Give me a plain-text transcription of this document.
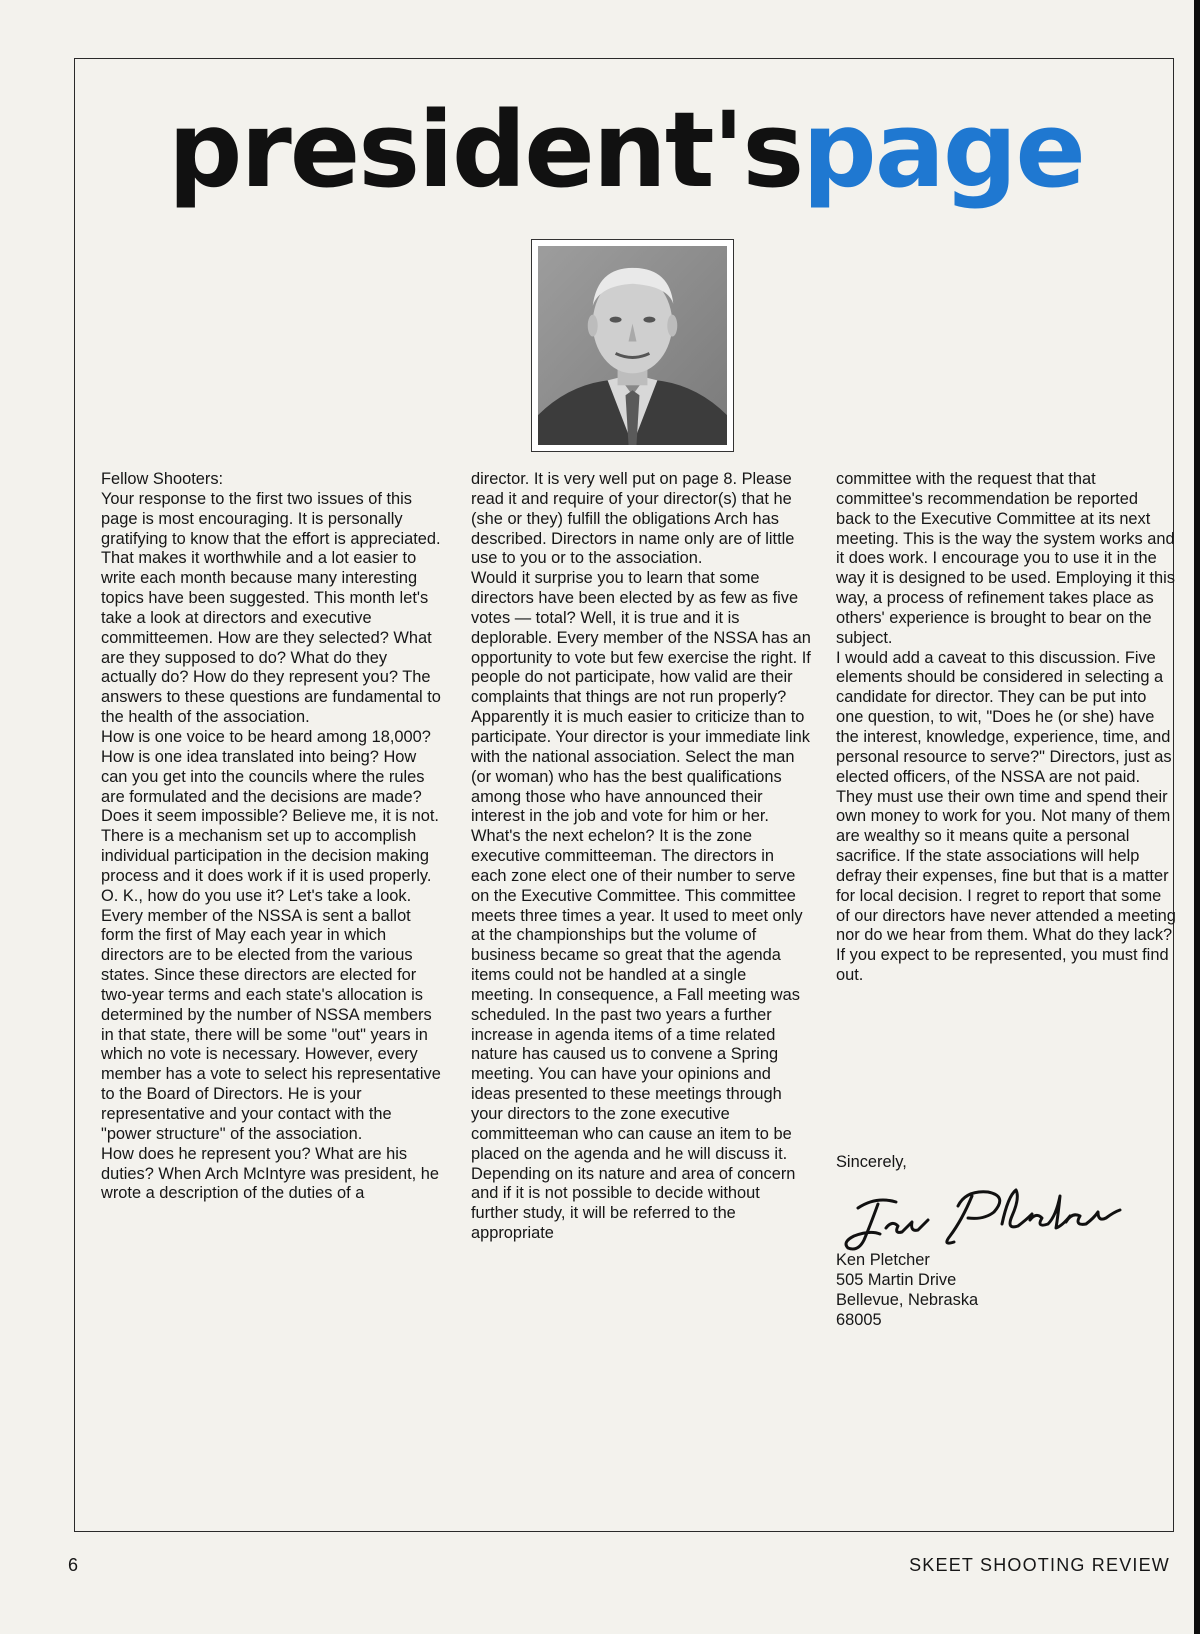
president'spage
Fellow Shooters:
Your response to the first two issues of this page is most encouraging. It is personally gratifying to know that the effort is appreciated. That makes it worthwhile and a lot easier to write each month because many interesting topics have been suggested. This month let's take a look at directors and executive committeemen. How are they selected? What are they supposed to do? What do they actually do? How do they represent you? The answers to these questions are fundamental to the health of the association.
How is one voice to be heard among 18,000? How is one idea translated into being? How can you get into the councils where the rules are formulated and the decisions are made? Does it seem impossible? Believe me, it is not. There is a mechanism set up to accomplish individual participation in the decision making process and it does work if it is used properly. O. K., how do you use it? Let's take a look.
Every member of the NSSA is sent a ballot form the first of May each year in which directors are to be elected from the various states. Since these directors are elected for two-year terms and each state's allocation is determined by the number of NSSA members in that state, there will be some "out" years in which no vote is necessary. However, every member has a vote to select his representative to the Board of Directors. He is your representative and your contact with the "power structure" of the association.
How does he represent you? What are his duties? When Arch McIntyre was president, he wrote a description of the duties of a
director. It is very well put on page 8. Please read it and require of your director(s) that he (she or they) fulfill the obligations Arch has described. Directors in name only are of little use to you or to the association.
Would it surprise you to learn that some directors have been elected by as few as five votes — total? Well, it is true and it is deplorable. Every member of the NSSA has an opportunity to vote but few exercise the right. If people do not participate, how valid are their complaints that things are not run properly? Apparently it is much easier to criticize than to participate. Your director is your immediate link with the national association. Select the man (or woman) who has the best qualifications among those who have announced their interest in the job and vote for him or her.
What's the next echelon? It is the zone executive committeeman. The directors in each zone elect one of their number to serve on the Executive Committee. This committee meets three times a year. It used to meet only at the championships but the volume of business became so great that the agenda items could not be handled at a single meeting. In consequence, a Fall meeting was scheduled. In the past two years a further increase in agenda items of a time related nature has caused us to convene a Spring meeting. You can have your opinions and ideas presented to these meetings through your directors to the zone executive committeeman who can cause an item to be placed on the agenda and he will discuss it. Depending on its nature and area of concern and if it is not possible to decide without further study, it will be referred to the appropriate
committee with the request that that committee's recommendation be reported back to the Executive Committee at its next meeting. This is the way the system works and it does work. I encourage you to use it in the way it is designed to be used. Employing it this way, a process of refinement takes place as others' experience is brought to bear on the subject.
I would add a caveat to this discussion. Five elements should be considered in selecting a candidate for director. They can be put into one question, to wit, "Does he (or she) have the interest, knowledge, experience, time, and personal resource to serve?" Directors, just as elected officers, of the NSSA are not paid. They must use their own time and spend their own money to work for you. Not many of them are wealthy so it means quite a personal sacrifice. If the state associations will help defray their expenses, fine but that is a matter for local decision. I regret to report that some of our directors have never attended a meeting nor do we hear from them. What do they lack? If you expect to be represented, you must find out.
Sincerely,
Ken Pletcher
Ken Pletcher
505 Martin Drive
Bellevue, Nebraska
68005
6	SKEET SHOOTING REVIEW
